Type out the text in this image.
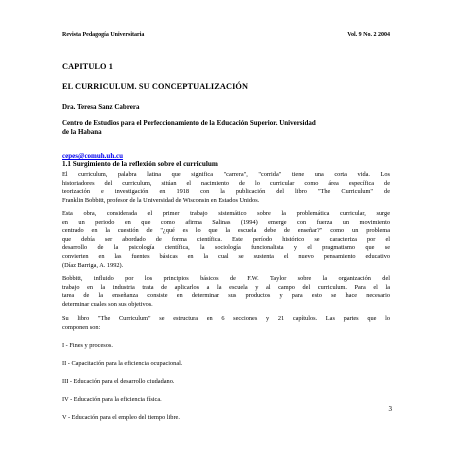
Revista Pedagogía Universitaria	Vol. 9 No. 2 2004
CAPITULO 1
EL CURRICULUM. SU CONCEPTUALIZACIÓN
Dra. Teresa Sanz Cabrera
Centro de Estudios para el Perfeccionamiento de la Educación Superior. Universidad
de la Habana
cepes@comuh.uh.cu
1.1 Surgimiento de la reflexión sobre el curriculum
El curriculum, palabra latina que significa "carrera", "corrida" tiene una corta vida. Los
historiadores del curriculum, sitúan el nacimiento de lo curricular como área específica de
teorización e investigación en 1918 con la publicación del libro "The Curriculum" de
Franklin Bobbitt, profesor de la Universidad de Wisconsin en Estados Unidos.
Esta obra, considerada el primer trabajo sistemático sobre la problemática curricular, surge
en un periodo en que como afirma Salinas (1994) emerge con fuerza un movimiento
centrado en la cuestión de "¿qué es lo que la escuela debe de enseñar?" como un problema
que debía ser abordado de forma científica. Este período histórico se caracteriza por el
desarrollo de la psicología científica, la sociología funcionalista y el pragmatismo que se
convierten en las fuentes básicas en la cual se sustenta el nuevo pensamiento educativo
(Díaz Barriga, A. 1992).
Bobbitt, influido por los principios básicos de F.W. Taylor sobre la organización del
trabajo en la industria trata de aplicarlos a la escuela y al campo del curriculum. Para el la
tarea de la enseñanza consiste en determinar sus productos y para esto se hace necesario
determinar cuales son sus objetivos.
Su libro "The Curriculum" se estructura en 6 secciones y 21 capítulos. Las partes que lo
componen son:
I - Fines y procesos.
II - Capacitación para la eficiencia ocupacional.
III - Educación para el desarrollo ciudadano.
IV - Educación para la eficiencia física.
V - Educación para el empleo del tiempo libre.
3
